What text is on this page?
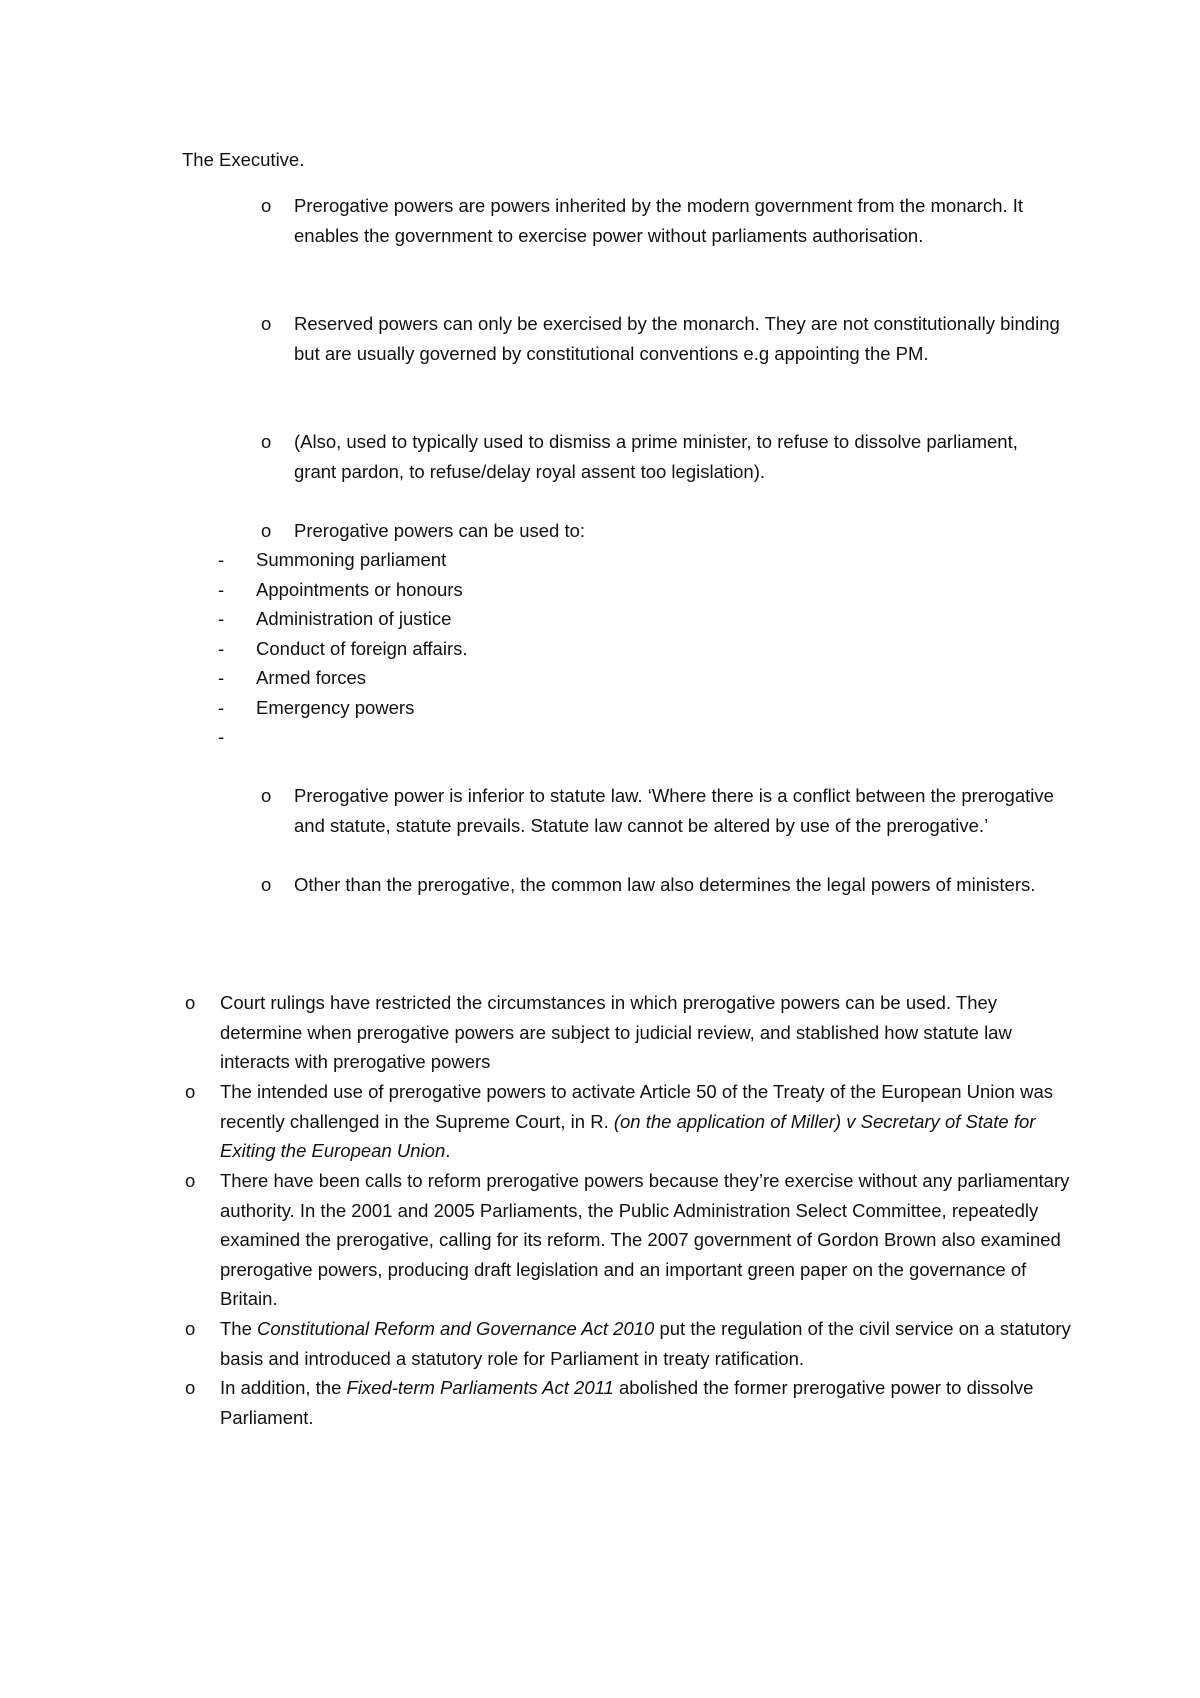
The Executive.
o Prerogative powers are powers inherited by the modern government from the monarch. It enables the government to exercise power without parliaments authorisation.
o Reserved powers can only be exercised by the monarch. They are not constitutionally binding but are usually governed by constitutional conventions e.g appointing the PM.
o (Also, used to typically used to dismiss a prime minister, to refuse to dissolve parliament, grant pardon, to refuse/delay royal assent too legislation).
o Prerogative powers can be used to:
- Summoning parliament
- Appointments or honours
- Administration of justice
- Conduct of foreign affairs.
- Armed forces
- Emergency powers
-
o Prerogative power is inferior to statute law. ‘Where there is a conflict between the prerogative and statute, statute prevails. Statute law cannot be altered by use of the prerogative.’
o Other than the prerogative, the common law also determines the legal powers of ministers.
o Court rulings have restricted the circumstances in which prerogative powers can be used. They determine when prerogative powers are subject to judicial review, and stablished how statute law interacts with prerogative powers
o The intended use of prerogative powers to activate Article 50 of the Treaty of the European Union was recently challenged in the Supreme Court, in R. (on the application of Miller) v Secretary of State for Exiting the European Union.
o There have been calls to reform prerogative powers because they’re exercise without any parliamentary authority. In the 2001 and 2005 Parliaments, the Public Administration Select Committee, repeatedly examined the prerogative, calling for its reform. The 2007 government of Gordon Brown also examined prerogative powers, producing draft legislation and an important green paper on the governance of Britain.
o The Constitutional Reform and Governance Act 2010 put the regulation of the civil service on a statutory basis and introduced a statutory role for Parliament in treaty ratification.
o In addition, the Fixed-term Parliaments Act 2011 abolished the former prerogative power to dissolve Parliament.
